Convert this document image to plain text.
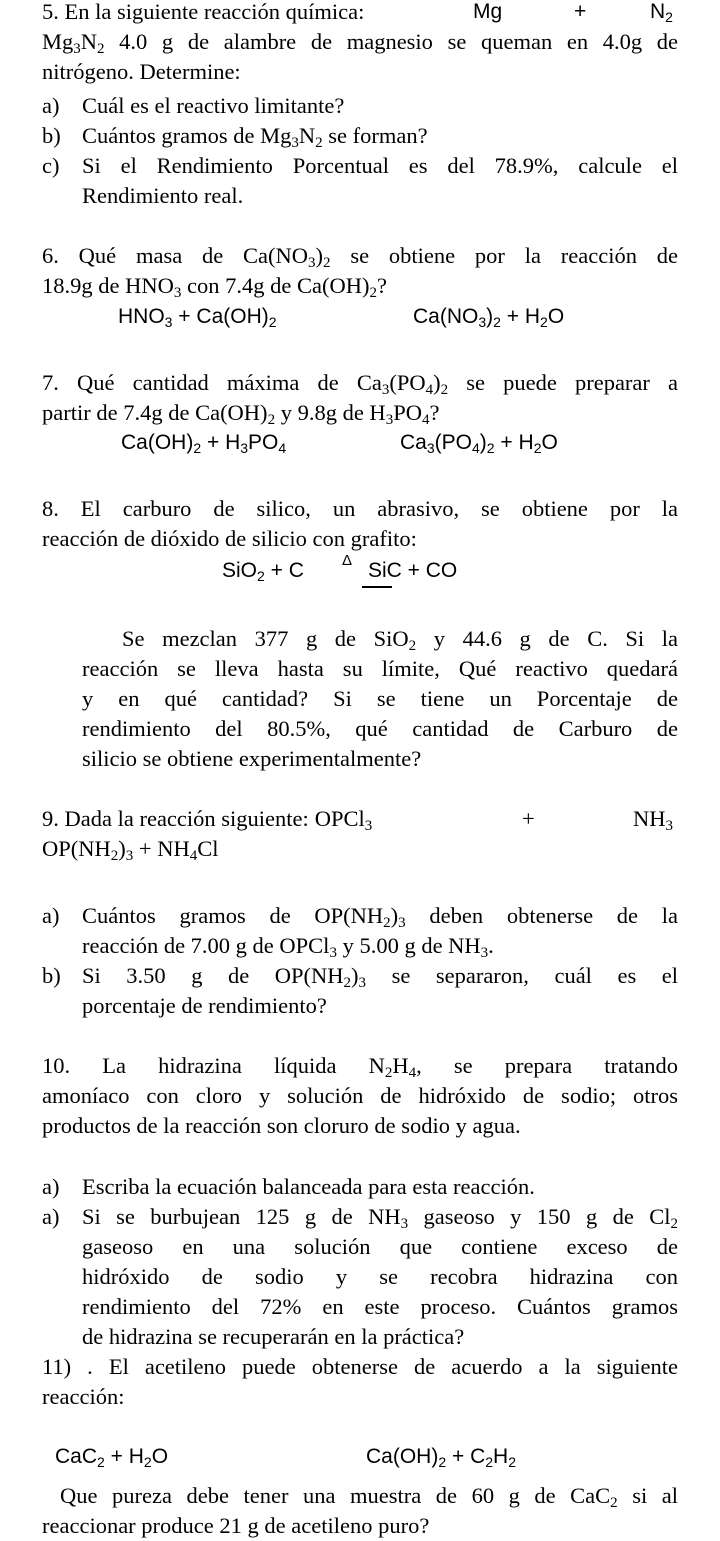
5. En la siguiente reacción química:	Mg	+	$N_2$
$Mg_3N_2$ 4.0 g de alambre de magnesio se queman en 4.0g de
nitrógeno. Determine:
a) Cuál es el reactivo limitante?
b) Cuántos gramos de $Mg_3N_2$ se forman?
c) Si el Rendimiento Porcentual es del 78.9%, calcule el
Rendimiento real.
6. Qué masa de $Ca(NO_3)_2$ se obtiene por la reacción de
18.9g de $HNO_3$ con 7.4g de $Ca(OH)_2$?
$HNO_3 + Ca(OH)_2$	$Ca(NO_3)_2 + H_2O$
7. Qué cantidad máxima de $Ca_3(PO_4)_2$ se puede preparar a
partir de 7.4g de $Ca(OH)_2$ y 9.8g de $H_3PO_4$?
$Ca(OH)_2 + H_3PO_4$	$Ca_3(PO_4)_2 + H_2O$
8. El carburo de silico, un abrasivo, se obtiene por la
reacción de dióxido de silicio con grafito:
SiO$_2$ + C	Δ SiC + CO
Se mezclan 377 g de SiO$_2$ y 44.6 g de C. Si la
reacción se lleva hasta su límite, Qué reactivo quedará
y en qué cantidad? Si se tiene un Porcentaje de
rendimiento del 80.5%, qué cantidad de Carburo de
silicio se obtiene experimentalmente?
9. Dada la reacción siguiente: OPCl$_3$	+	$NH_3$
$OP(NH_2)_3 + NH_4Cl$
a) Cuántos gramos de $OP(NH_2)_3$ deben obtenerse de la
reacción de 7.00 g de OPCl$_3$ y 5.00 g de $NH_3$.
b) Si 3.50 g de $OP(NH_2)_3$ se separaron, cuál es el
porcentaje de rendimiento?
10. La hidrazina líquida $N_2H_4$, se prepara tratando
amoníaco con cloro y solución de hidróxido de sodio; otros
productos de la reacción son cloruro de sodio y agua.
a) Escriba la ecuación balanceada para esta reacción.
a) Si se burbujean 125 g de $NH_3$ gaseoso y 150 g de $Cl_2$
gaseoso en una solución que contiene exceso de
hidróxido de sodio y se recobra hidrazina con
rendimiento del 72% en este proceso. Cuántos gramos
de hidrazina se recuperarán en la práctica?
11) . El acetileno puede obtenerse de acuerdo a la siguiente
reacción:
$CaC_2 + H_2O$	$Ca(OH)_2 + C_2H_2$
Que pureza debe tener una muestra de 60 g de CaC$_2$ si al
reaccionar produce 21 g de acetileno puro?
